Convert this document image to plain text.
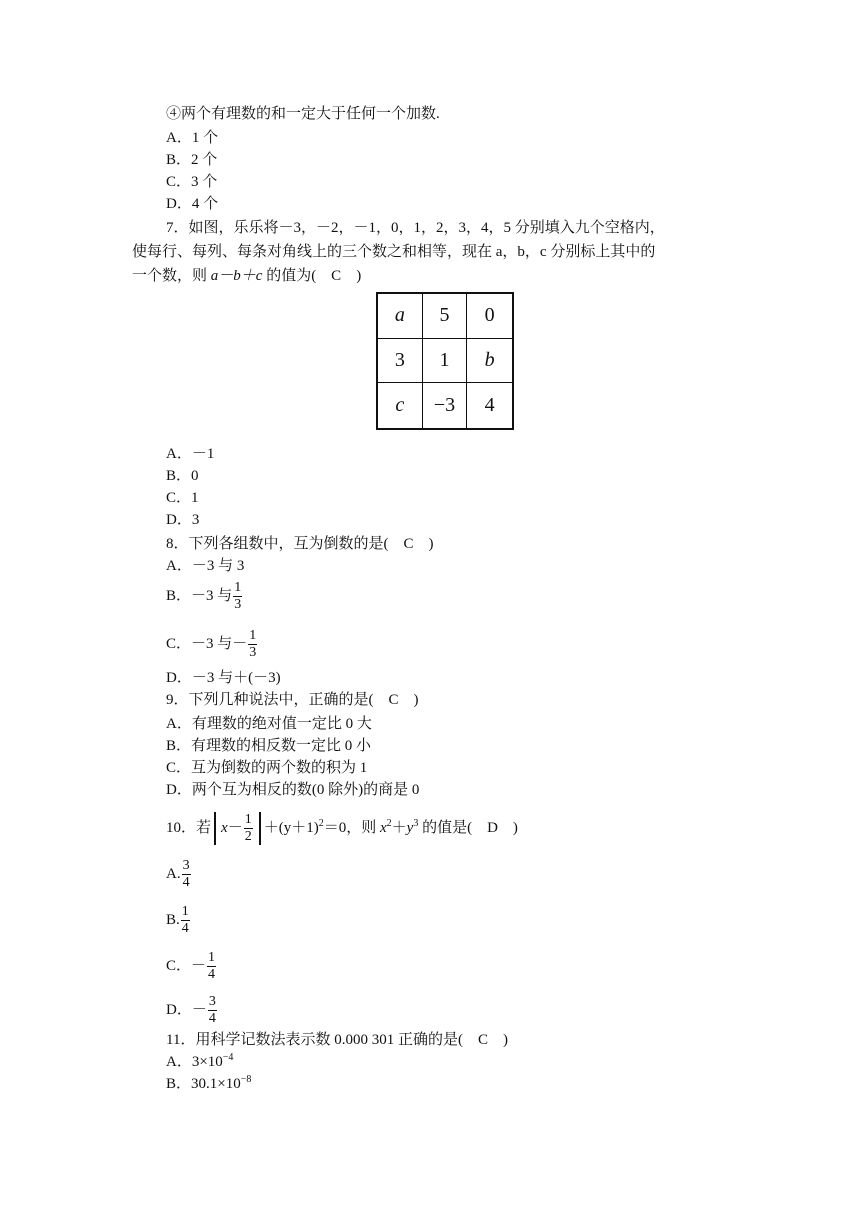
④两个有理数的和一定大于任何一个加数.
A．1 个
B．2 个
C．3 个
D．4 个
7．如图，乐乐将－3，－2，－1，0，1，2，3，4，5 分别填入九个空格内，
使每行、每列、每条对角线上的三个数之和相等，现在 a，b，c 分别标上其中的
一个数，则 a－b＋c 的值为(　C　)
a	5	0
3	1	b
c	−3	4
A．－1
B．0
C．1
D．3
8．下列各组数中，互为倒数的是(　C　)
A．－3 与 3
B．－3 与 $\frac{1}{3}$
C．－3 与－ $\frac{1}{3}$
D．－3 与＋(－3)
9．下列几种说法中，正确的是(　C　)
A．有理数的绝对值一定比 0 大
B．有理数的相反数一定比 0 小
C．互为倒数的两个数的积为 1
D．两个互为相反的数(0 除外)的商是 0
10．若 $x- \frac{1}{2} +(y+1)^2=0$，则 $x^2+y^3$ 的值是(　D　)
A. $\frac{3}{4}$
B. $\frac{1}{4}$
C．－ $\frac{1}{4}$
D．－ $\frac{3}{4}$
11．用科学记数法表示数 0.000 301 正确的是(　C　)
A．$3\times 10^{-4}$
B．$30.1\times 10^{-8}$
